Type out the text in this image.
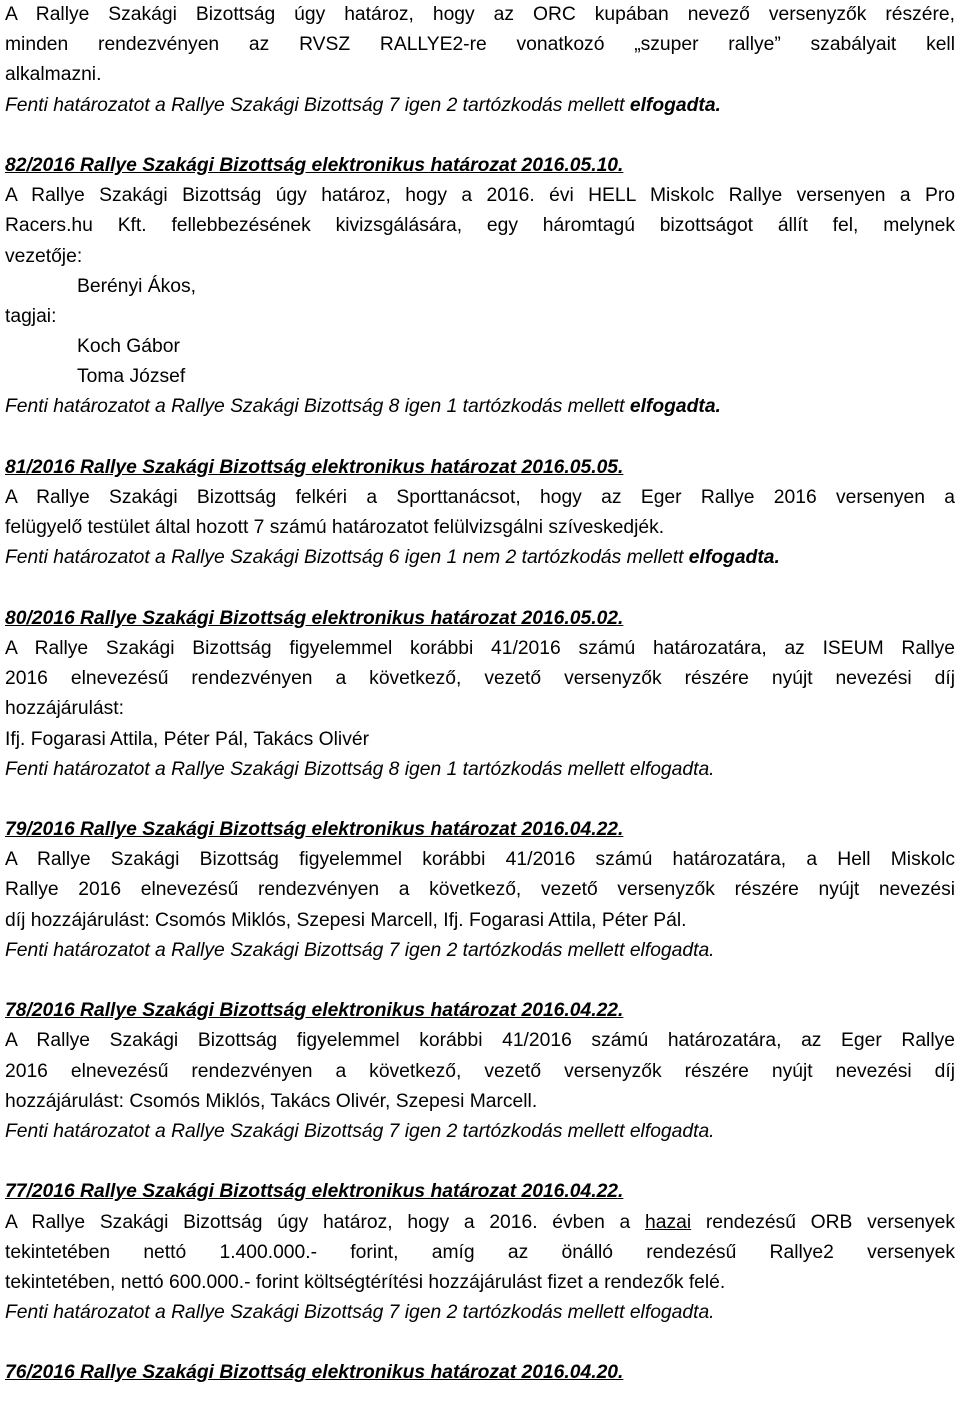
A Rallye Szakági Bizottság úgy határoz, hogy az ORC kupában nevező versenyzők részére,
minden rendezvényen az RVSZ RALLYE2-re vonatkozó „szuper rallye” szabályait kell
alkalmazni.
Fenti határozatot a Rallye Szakági Bizottság 7 igen 2 tartózkodás mellett elfogadta.
82/2016 Rallye Szakági Bizottság elektronikus határozat 2016.05.10.
A Rallye Szakági Bizottság úgy határoz, hogy a 2016. évi HELL Miskolc Rallye versenyen a Pro
Racers.hu Kft. fellebbezésének kivizsgálására, egy háromtagú bizottságot állít fel, melynek
vezetője:
Berényi Ákos,
tagjai:
Koch Gábor
Toma József
Fenti határozatot a Rallye Szakági Bizottság 8 igen 1 tartózkodás mellett elfogadta.
81/2016 Rallye Szakági Bizottság elektronikus határozat 2016.05.05.
A Rallye Szakági Bizottság felkéri a Sporttanácsot, hogy az Eger Rallye 2016 versenyen a
felügyelő testület által hozott 7 számú határozatot felülvizsgálni szíveskedjék.
Fenti határozatot a Rallye Szakági Bizottság 6 igen 1 nem 2 tartózkodás mellett elfogadta.
80/2016 Rallye Szakági Bizottság elektronikus határozat 2016.05.02.
A Rallye Szakági Bizottság figyelemmel korábbi 41/2016 számú határozatára, az ISEUM Rallye
2016 elnevezésű rendezvényen a következő, vezető versenyzők részére nyújt nevezési díj
hozzájárulást:
Ifj. Fogarasi Attila, Péter Pál, Takács Olivér
Fenti határozatot a Rallye Szakági Bizottság 8 igen 1 tartózkodás mellett elfogadta.
79/2016 Rallye Szakági Bizottság elektronikus határozat 2016.04.22.
A Rallye Szakági Bizottság figyelemmel korábbi 41/2016 számú határozatára, a Hell Miskolc
Rallye 2016 elnevezésű rendezvényen a következő, vezető versenyzők részére nyújt nevezési
díj hozzájárulást: Csomós Miklós, Szepesi Marcell, Ifj. Fogarasi Attila, Péter Pál.
Fenti határozatot a Rallye Szakági Bizottság 7 igen 2 tartózkodás mellett elfogadta.
78/2016 Rallye Szakági Bizottság elektronikus határozat 2016.04.22.
A Rallye Szakági Bizottság figyelemmel korábbi 41/2016 számú határozatára, az Eger Rallye
2016 elnevezésű rendezvényen a következő, vezető versenyzők részére nyújt nevezési díj
hozzájárulást: Csomós Miklós, Takács Olivér, Szepesi Marcell.
Fenti határozatot a Rallye Szakági Bizottság 7 igen 2 tartózkodás mellett elfogadta.
77/2016 Rallye Szakági Bizottság elektronikus határozat 2016.04.22.
A Rallye Szakági Bizottság úgy határoz, hogy a 2016. évben a hazai rendezésű ORB versenyek
tekintetében nettó 1.400.000.- forint, amíg az önálló rendezésű Rallye2 versenyek
tekintetében, nettó 600.000.- forint költségtérítési hozzájárulást fizet a rendezők felé.
Fenti határozatot a Rallye Szakági Bizottság 7 igen 2 tartózkodás mellett elfogadta.
76/2016 Rallye Szakági Bizottság elektronikus határozat 2016.04.20.
